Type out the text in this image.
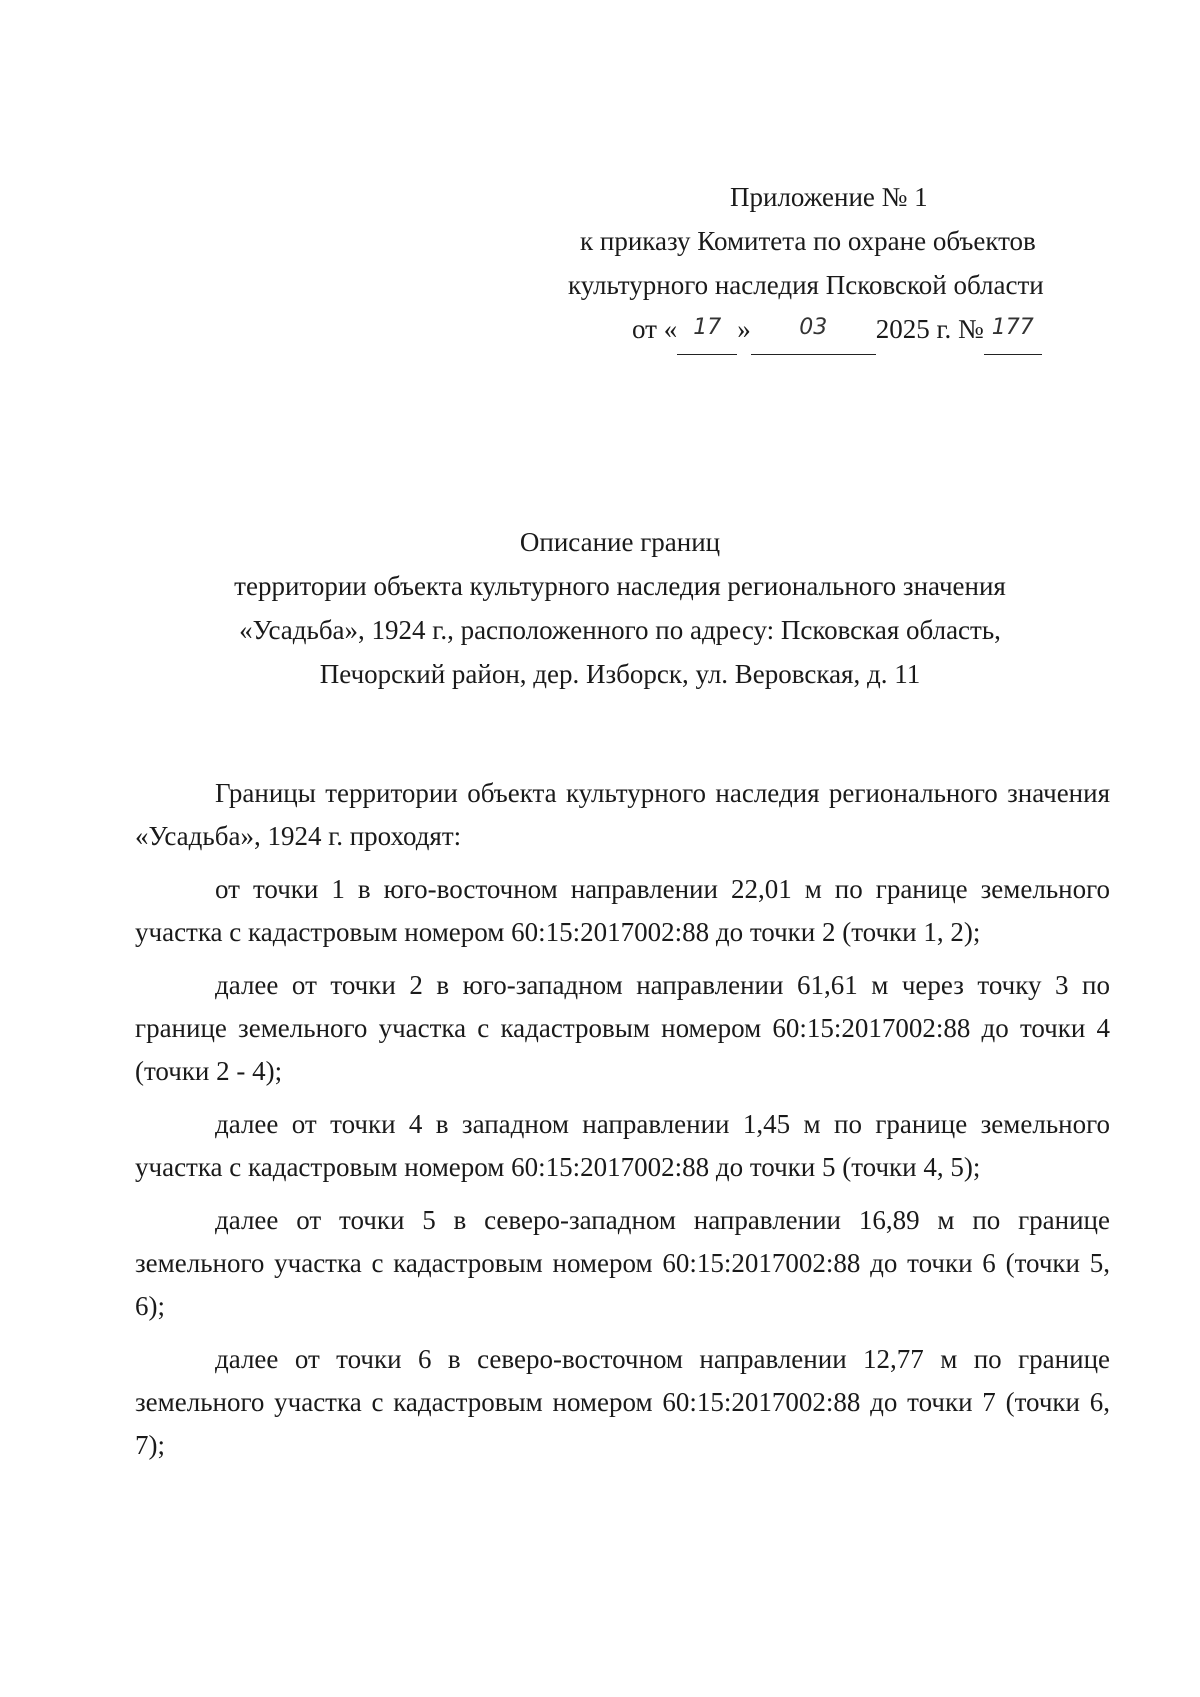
Приложение № 1
к приказу Комитета по охране объектов
культурного наследия Псковской области
от « 17 » 03 2025 г. № 177
Описание границ
территории объекта культурного наследия регионального значения
«Усадьба», 1924 г., расположенного по адресу: Псковская область,
Печорский район, дер. Изборск, ул. Веровская, д. 11

Границы территории объекта культурного наследия регионального значения «Усадьба», 1924 г. проходят:

от точки 1 в юго-восточном направлении 22,01 м по границе земельного участка с кадастровым номером 60:15:2017002:88 до точки 2 (точки 1, 2);

далее от точки 2 в юго-западном направлении 61,61 м через точку 3 по границе земельного участка с кадастровым номером 60:15:2017002:88 до точки 4 (точки 2 - 4);

далее от точки 4 в западном направлении 1,45 м по границе земельного участка с кадастровым номером 60:15:2017002:88 до точки 5 (точки 4, 5);

далее от точки 5 в северо-западном направлении 16,89 м по границе земельного участка с кадастровым номером 60:15:2017002:88 до точки 6 (точки 5, 6);

далее от точки 6 в северо-восточном направлении 12,77 м по границе земельного участка с кадастровым номером 60:15:2017002:88 до точки 7 (точки 6, 7);
